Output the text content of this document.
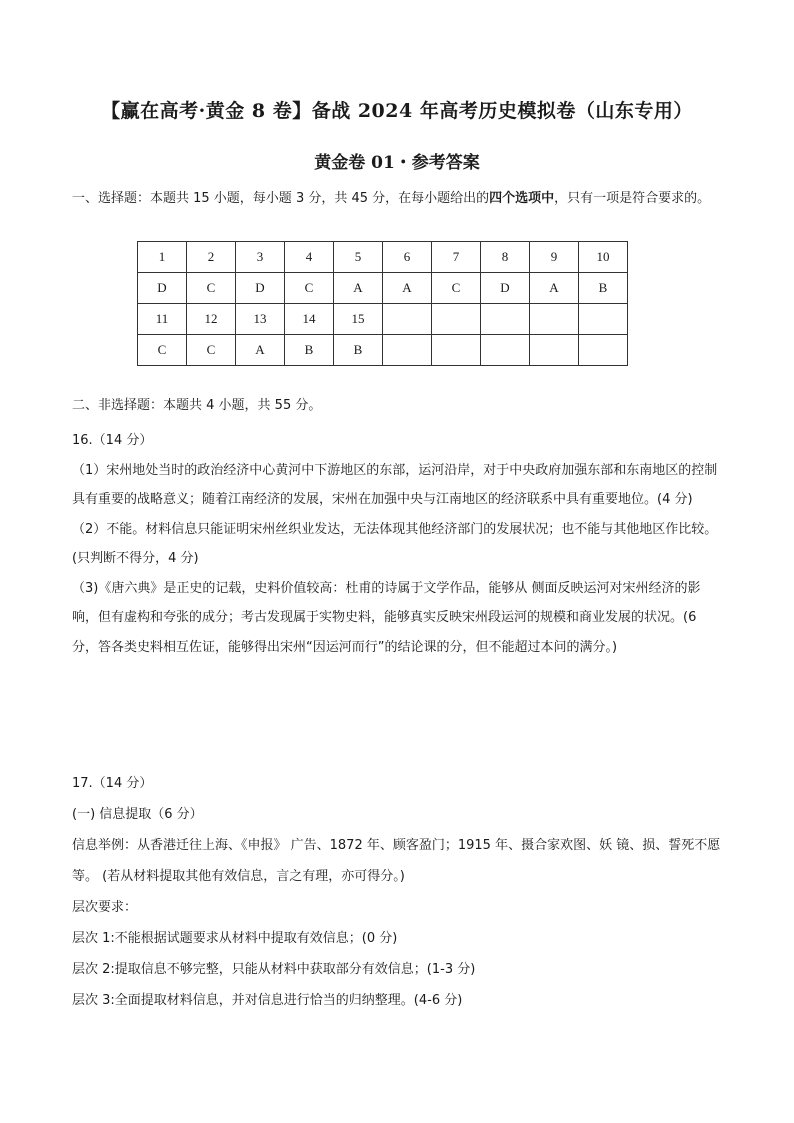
【赢在高考·黄金 8 卷】备战 2024 年高考历史模拟卷（山东专用）
黄金卷 01・参考答案
一、选择题：本题共 15 小题，每小题 3 分，共 45 分，在每小题给出的四个选项中，只有一项是符合要求的。
1	2	3	4	5	6	7	8	9	10
D	C	D	C	A	A	C	D	A	B
11	12	13	14	15					
C	C	A	B	B					
二、非选择题：本题共 4 小题，共 55 分。

16.（14 分）

（1）宋州地处当时的政治经济中心黄河中下游地区的东部，运河沿岸，对于中央政府加强东部和东南地区的控制具有重要的战略意义；随着江南经济的发展，宋州在加强中央与江南地区的经济联系中具有重要地位。(4 分)

（2）不能。材料信息只能证明宋州丝织业发达，无法体现其他经济部门的发展状况；也不能与其他地区作比较。(只判断不得分，4 分)

（3)《唐六典》是正史的记载，史料价值较高：杜甫的诗属于文学作品，能够从 侧面反映运河对宋州经济的影响，但有虚构和夸张的成分；考古发现属于实物史料，能够真实反映宋州段运河的规模和商业发展的状况。(6 分，答各类史料相互佐证，能够得出宋州“因运河而行”的结论课的分，但不能超过本问的满分。)

17.（14 分）

(一) 信息提取（6 分）

信息举例：从香港迁往上海、《申报》 广告、1872 年、顾客盈门；1915 年、摄合家欢图、妖 镜、损、誓死不愿等。 (若从材料提取其他有效信息，言之有理，亦可得分。)

层次要求：

层次 1:不能根据试题要求从材料中提取有效信息；(0 分)

层次 2:提取信息不够完整，只能从材料中获取部分有效信息；(1-3 分)

层次 3:全面提取材料信息，并对信息进行恰当的归纳整理。(4-6 分)
